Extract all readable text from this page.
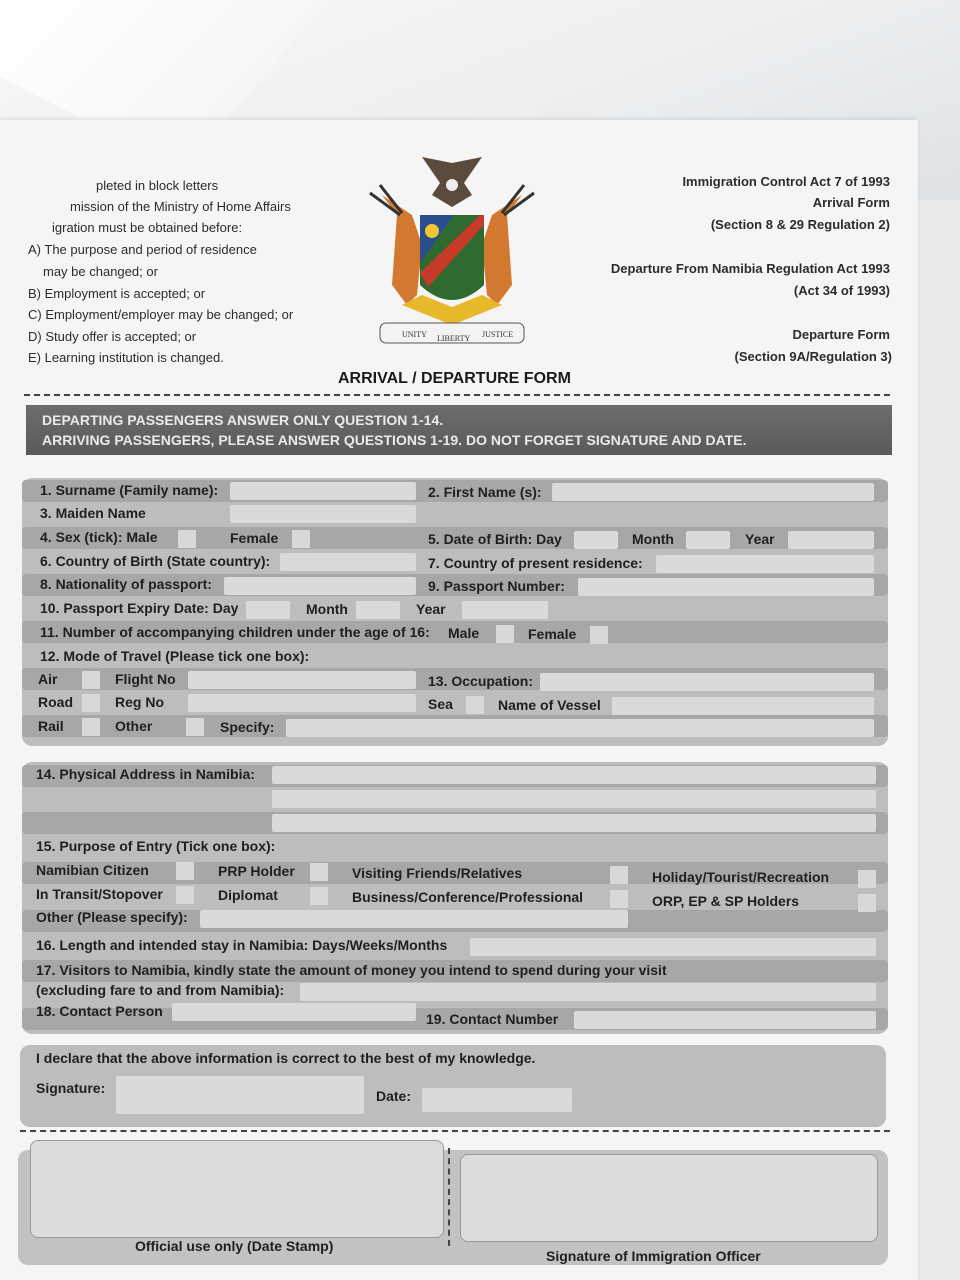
pleted in block letters
mission of the Ministry of Home Affairs
igration must be obtained before:
A) The purpose and period of residence
may be changed; or
B) Employment is accepted; or
C) Employment/employer may be changed; or
D) Study offer is accepted; or
E) Learning institution is changed.
Immigration Control Act 7 of 1993
Arrival Form
(Section 8 & 29 Regulation 2)
Departure From Namibia Regulation Act 1993
(Act 34 of 1993)
Departure Form
(Section 9A/Regulation 3)
UNITY LIBERTY JUSTICE
ARRIVAL / DEPARTURE FORM
DEPARTING PASSENGERS ANSWER ONLY QUESTION 1-14.
ARRIVING PASSENGERS, PLEASE ANSWER QUESTIONS 1-19. DO NOT FORGET SIGNATURE AND DATE.
1. Surname (Family name):	2. First Name (s):
3. Maiden Name
4. Sex (tick): Male	Female	5. Date of Birth: Day	Month	Year
6. Country of Birth (State country):	7. Country of present residence:
8. Nationality of passport:	9. Passport Number:
10. Passport Expiry Date: Day	Month	Year
11. Number of accompanying children under the age of 16: Male	Female
12. Mode of Travel (Please tick one box):
Air	Flight No	13. Occupation:
Road	Reg No	Sea	Name of Vessel
Rail	Other	Specify:
14. Physical Address in Namibia:
15. Purpose of Entry (Tick one box):
Namibian Citizen	PRP Holder	Visiting Friends/Relatives	Holiday/Tourist/Recreation
In Transit/Stopover	Diplomat	Business/Conference/Professional	ORP, EP & SP Holders
Other (Please specify):
16. Length and intended stay in Namibia: Days/Weeks/Months
17. Visitors to Namibia, kindly state the amount of money you intend to spend during your visit
(excluding fare to and from Namibia):
18. Contact Person	19. Contact Number
I declare that the above information is correct to the best of my knowledge.
Signature:	Date:
Official use only (Date Stamp)
Signature of Immigration Officer
